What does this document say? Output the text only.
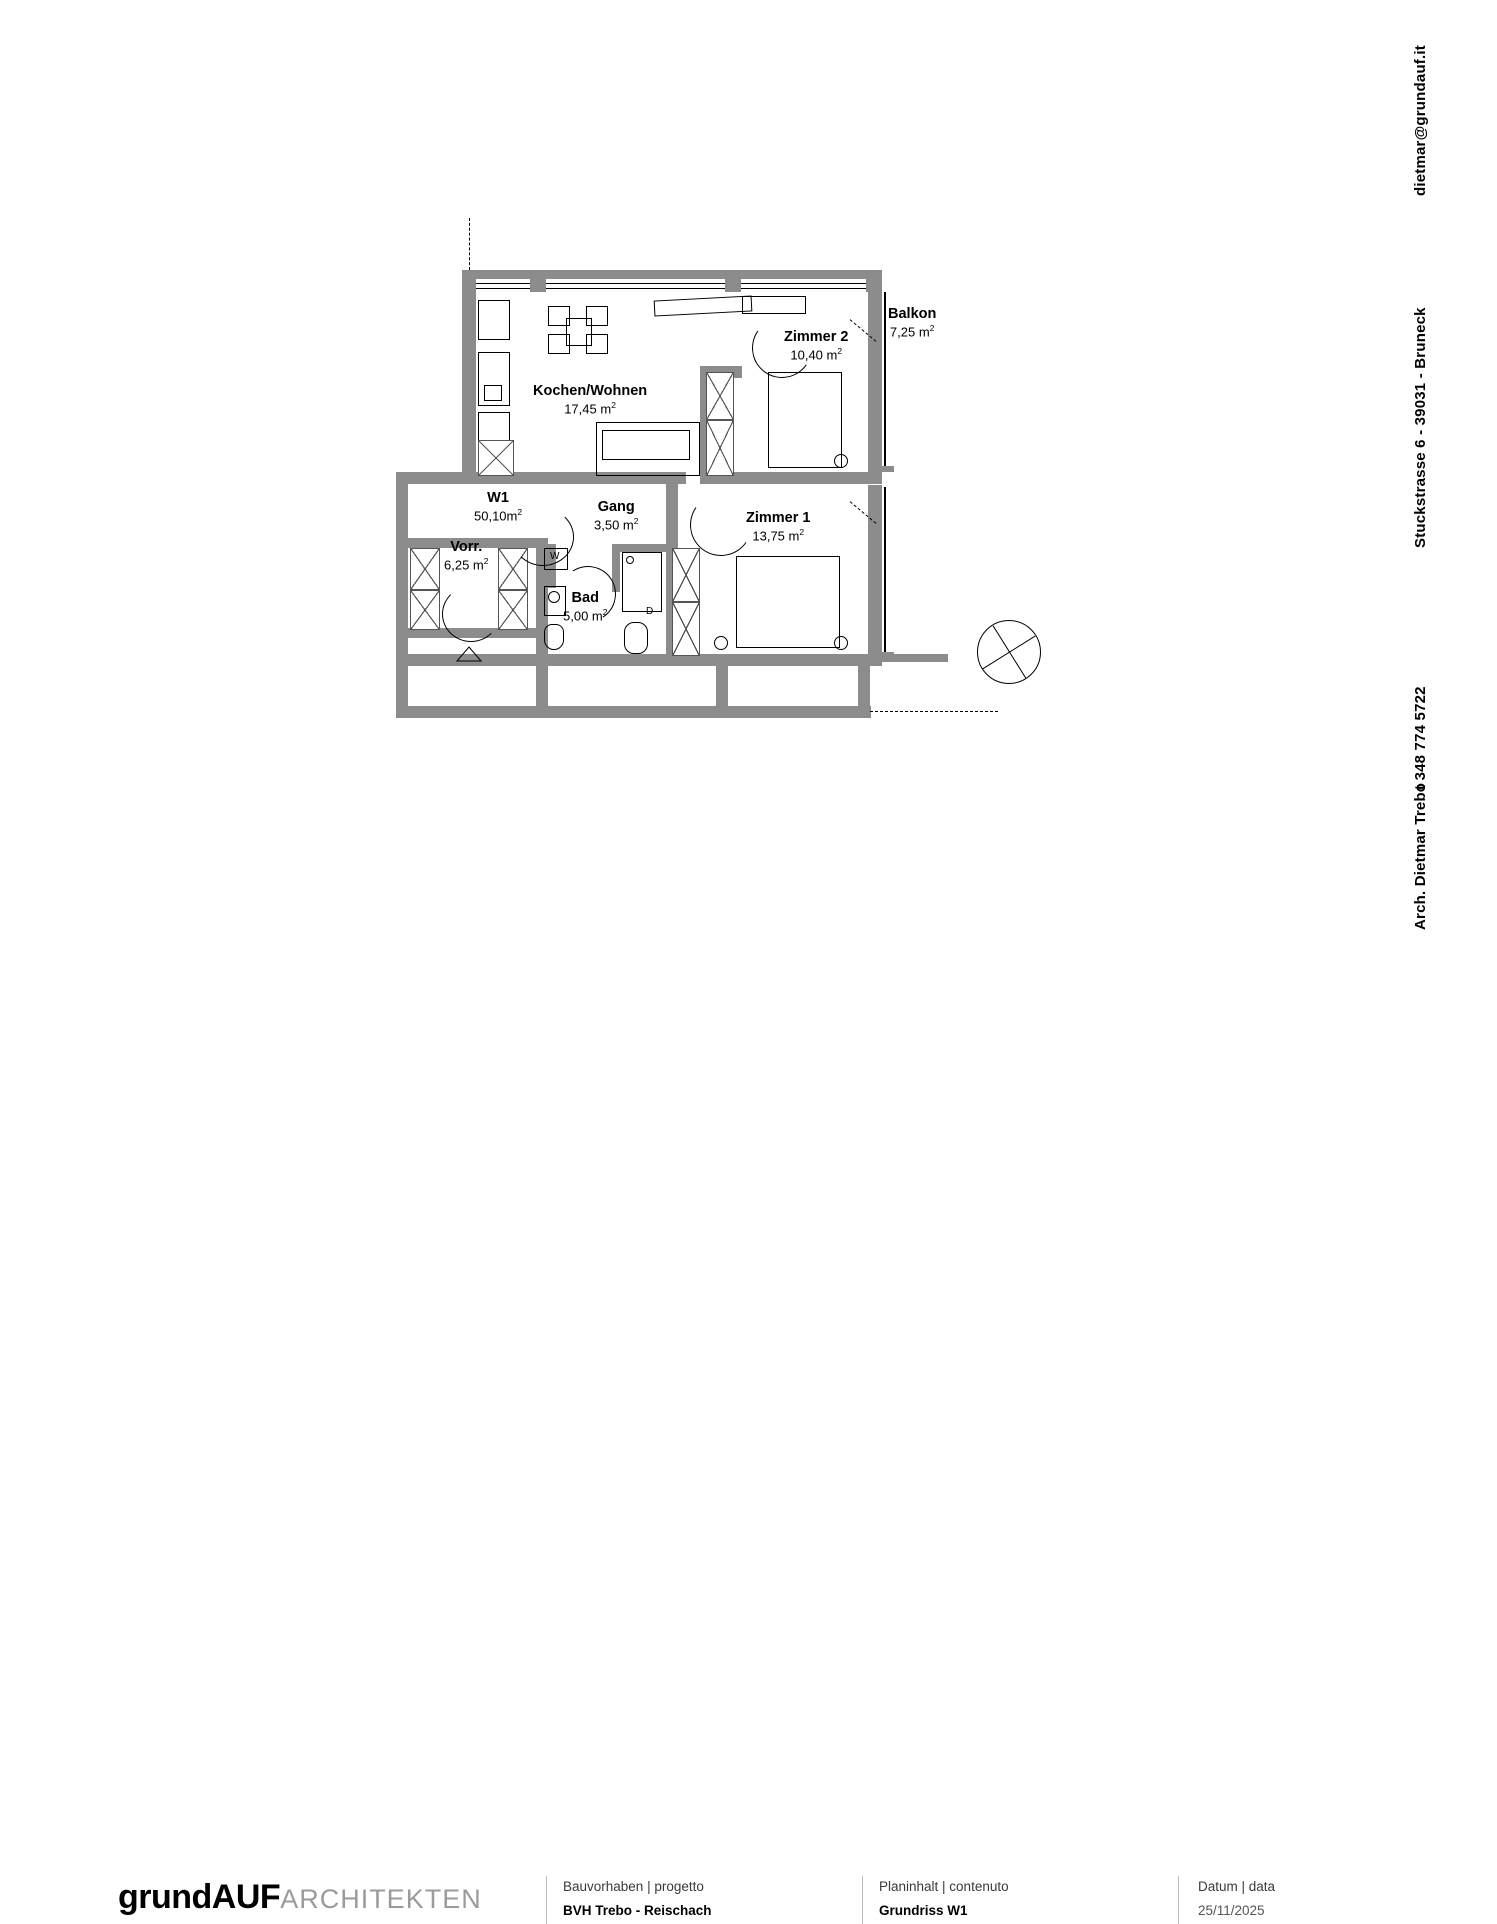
dietmar@grundauf.it
Stuckstrasse 6 - 39031 - Bruneck
t 348 774 5722
Arch. Dietmar Trebo
W
D
Kochen/Wohnen
17,45 $m^2$
Zimmer 2
10,40 $m^2$
Balkon
7,25 $m^2$
Zimmer 1
13,75 $m^2$
Gang
3,50 $m^2$
Vorr.
6,25 $m^2$
Bad
5,00 $m^2$
W1
$50,10m^2$
grundAUFARCHITEKTEN	Bauvorhaben | progetto
BVH Trebo - Reischach
Planinhalt | contenuto
Grundriss W1
Datum | data
25/11/2025
